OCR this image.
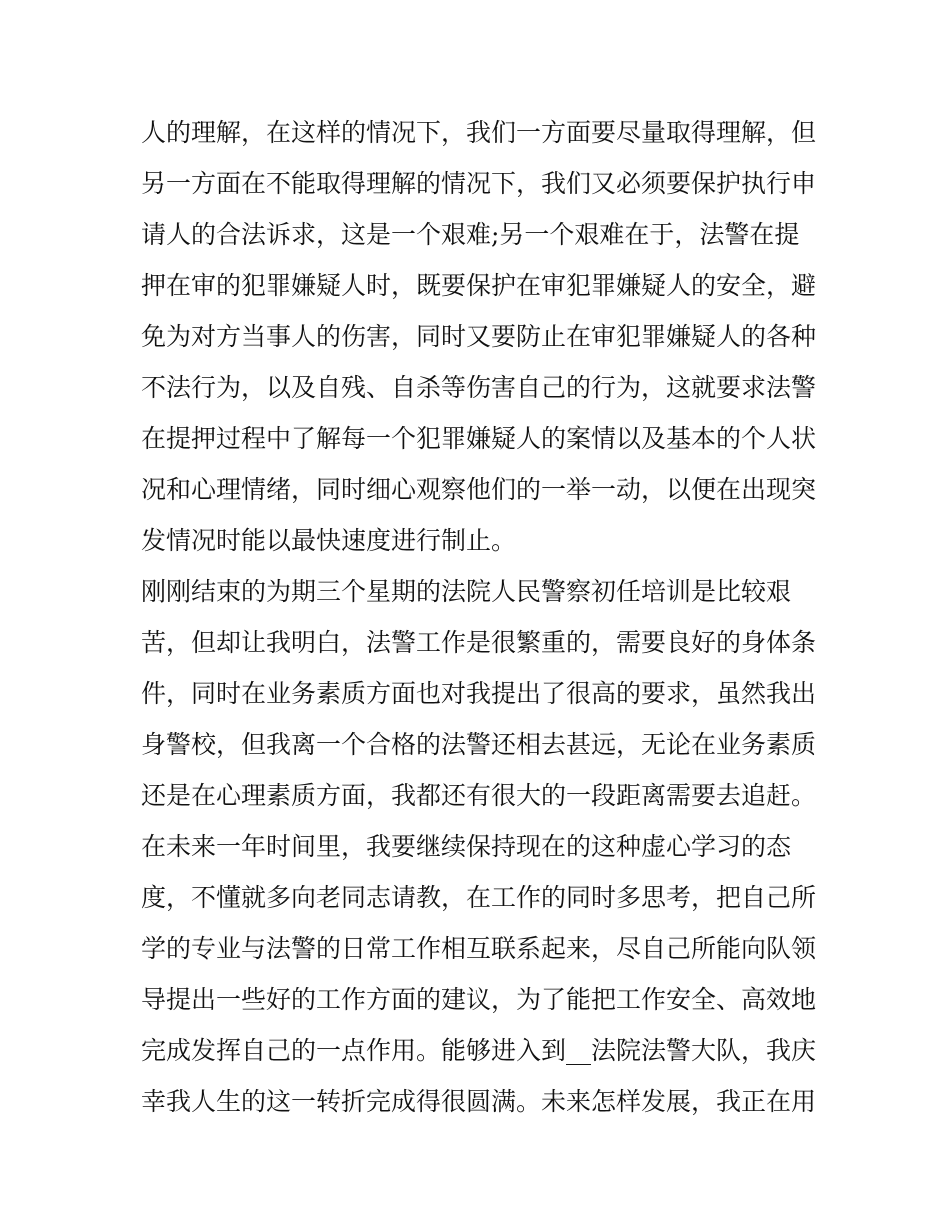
人的理解，在这样的情况下，我们一方面要尽量取得理解，但
另一方面在不能取得理解的情况下，我们又必须要保护执行申
请人的合法诉求，这是一个艰难;另一个艰难在于，法警在提
押在审的犯罪嫌疑人时，既要保护在审犯罪嫌疑人的安全，避
免为对方当事人的伤害，同时又要防止在审犯罪嫌疑人的各种
不法行为，以及自残、自杀等伤害自己的行为，这就要求法警
在提押过程中了解每一个犯罪嫌疑人的案情以及基本的个人状
况和心理情绪，同时细心观察他们的一举一动，以便在出现突
发情况时能以最快速度进行制止。
刚刚结束的为期三个星期的法院人民警察初任培训是比较艰
苦，但却让我明白，法警工作是很繁重的，需要良好的身体条
件，同时在业务素质方面也对我提出了很高的要求，虽然我出
身警校，但我离一个合格的法警还相去甚远，无论在业务素质
还是在心理素质方面，我都还有很大的一段距离需要去追赶。
在未来一年时间里，我要继续保持现在的这种虚心学习的态
度，不懂就多向老同志请教，在工作的同时多思考，把自己所
学的专业与法警的日常工作相互联系起来，尽自己所能向队领
导提出一些好的工作方面的建议，为了能把工作安全、高效地
完成发挥自己的一点作用。能够进入到__法院法警大队，我庆
幸我人生的这一转折完成得很圆满。未来怎样发展，我正在用
